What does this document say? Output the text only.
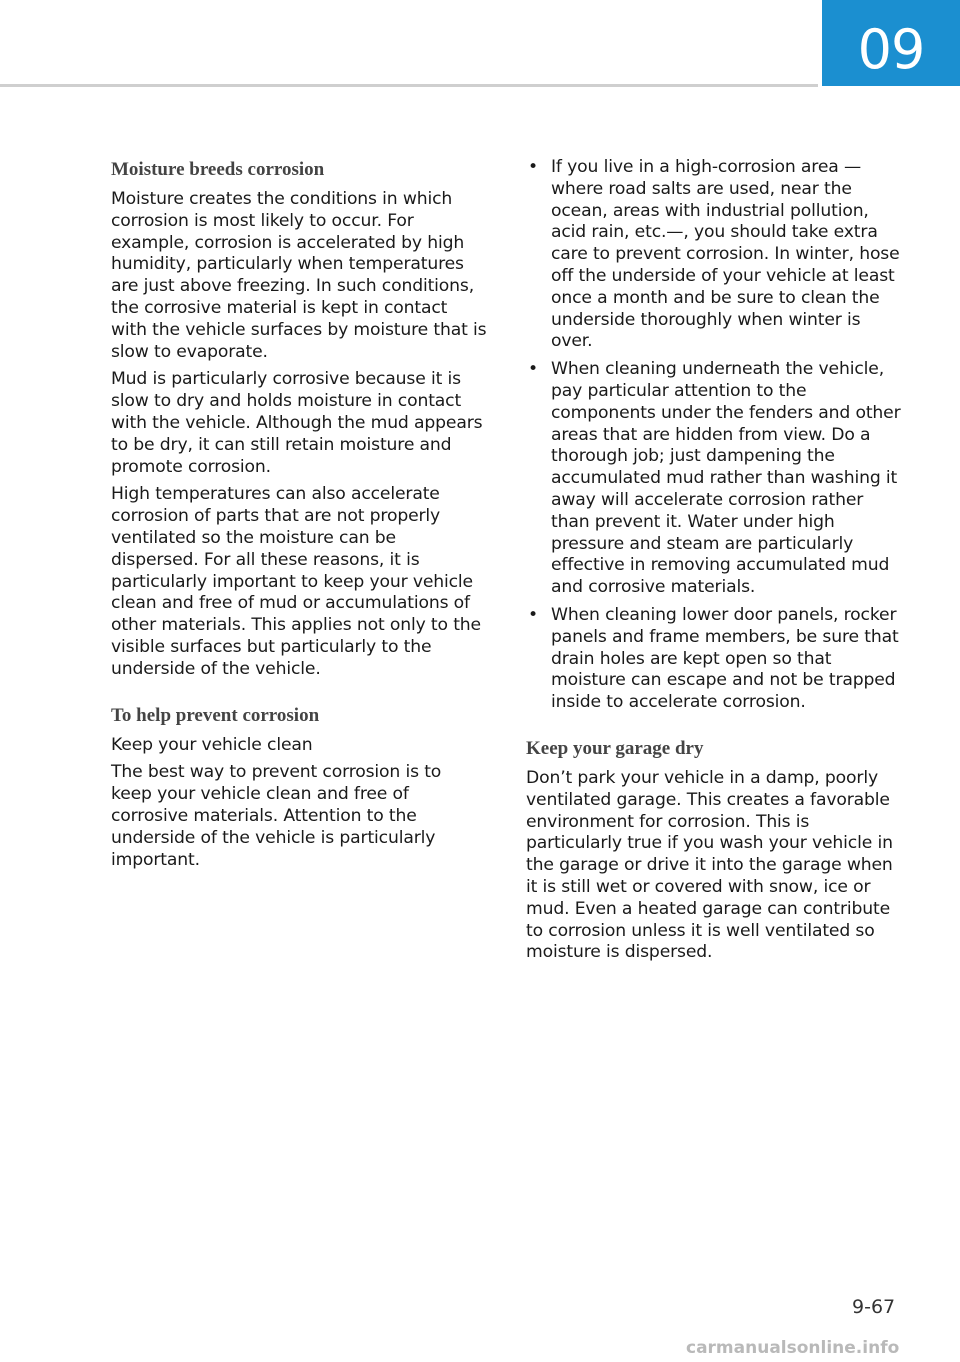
09
Moisture breeds corrosion

Moisture creates the conditions in which corrosion is most likely to occur. For example, corrosion is accelerated by high humidity, particularly when temperatures are just above freezing. In such conditions, the corrosive material is kept in contact with the vehicle surfaces by moisture that is slow to evaporate.

Mud is particularly corrosive because it is slow to dry and holds moisture in contact with the vehicle. Although the mud appears to be dry, it can still retain moisture and promote corrosion.

High temperatures can also accelerate corrosion of parts that are not properly ventilated so the moisture can be dispersed. For all these reasons, it is particularly important to keep your vehicle clean and free of mud or accumulations of other materials. This applies not only to the visible surfaces but particularly to the underside of the vehicle.

To help prevent corrosion

Keep your vehicle clean

The best way to prevent corrosion is to keep your vehicle clean and free of corrosive materials. Attention to the underside of the vehicle is particularly important.

• If you live in a high-corrosion area — where road salts are used, near the ocean, areas with industrial pollution, acid rain, etc.—, you should take extra care to prevent corrosion. In winter, hose off the underside of your vehicle at least once a month and be sure to clean the underside thoroughly when winter is over.
• When cleaning underneath the vehicle, pay particular attention to the components under the fenders and other areas that are hidden from view. Do a thorough job; just dampening the accumulated mud rather than washing it away will accelerate corrosion rather than prevent it. Water under high pressure and steam are particularly effective in removing accumulated mud and corrosive materials.
• When cleaning lower door panels, rocker panels and frame members, be sure that drain holes are kept open so that moisture can escape and not be trapped inside to accelerate corrosion.
Keep your garage dry

Don’t park your vehicle in a damp, poorly ventilated garage. This creates a favorable environment for corrosion. This is particularly true if you wash your vehicle in the garage or drive it into the garage when it is still wet or covered with snow, ice or mud. Even a heated garage can contribute to corrosion unless it is well ventilated so moisture is dispersed.

9-67
carmanualsonline.info
